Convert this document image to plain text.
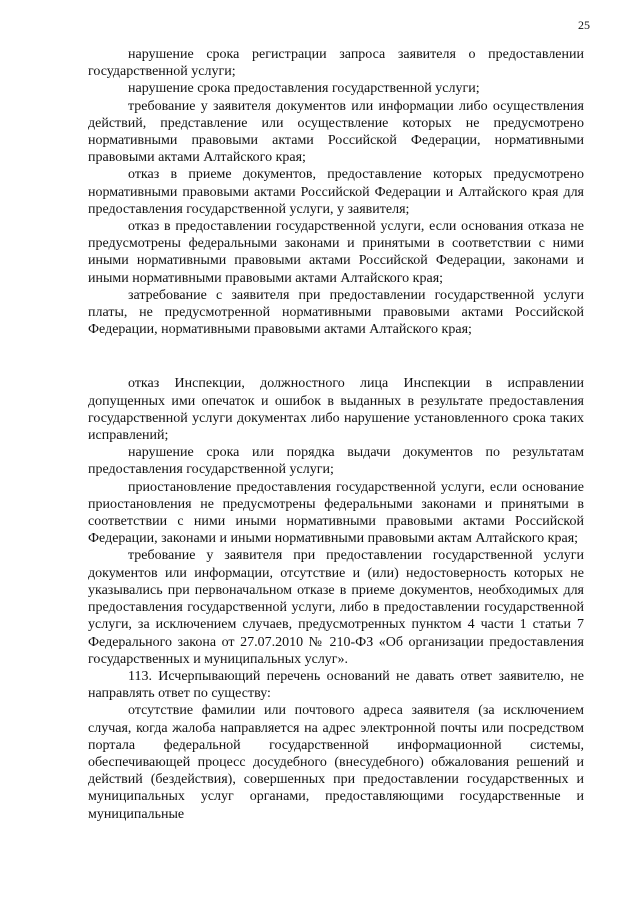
25

нарушение срока регистрации запроса заявителя о предоставлении государственной услуги;

нарушение срока предоставления государственной услуги;

требование у заявителя документов или информации либо осуществления действий, представление или осуществление которых не предусмотрено нормативными правовыми актами Российской Федерации, нормативными правовыми актами Алтайского края;

отказ в приеме документов, предоставление которых предусмотрено нормативными правовыми актами Российской Федерации и Алтайского края для предоставления государственной услуги, у заявителя;

отказ в предоставлении государственной услуги, если основания отказа не предусмотрены федеральными законами и принятыми в соответствии с ними иными нормативными правовыми актами Российской Федерации, законами и иными нормативными правовыми актами Алтайского края;

затребование с заявителя при предоставлении государственной услуги платы, не предусмотренной нормативными правовыми актами Российской Федерации, нормативными правовыми актами Алтайского края;

отказ Инспекции, должностного лица Инспекции в исправлении допущенных ими опечаток и ошибок в выданных в результате предоставления государственной услуги документах либо нарушение установленного срока таких исправлений;

нарушение срока или порядка выдачи документов по результатам предоставления государственной услуги;

приостановление предоставления государственной услуги, если основание приостановления не предусмотрены федеральными законами и принятыми в соответствии с ними иными нормативными правовыми актами Российской Федерации, законами и иными нормативными правовыми актам Алтайского края;

требование у заявителя при предоставлении государственной услуги документов или информации, отсутствие и (или) недостоверность которых не указывались при первоначальном отказе в приеме документов, необходимых для предоставления государственной услуги, либо в предоставлении государственной услуги, за исключением случаев, предусмотренных пунктом 4 части 1 статьи 7 Федерального закона от 27.07.2010 № 210-ФЗ «Об организации предоставления государственных и муниципальных услуг».

113. Исчерпывающий перечень оснований не давать ответ заявителю, не направлять ответ по существу:

отсутствие фамилии или почтового адреса заявителя (за исключением случая, когда жалоба направляется на адрес электронной почты или посредством портала федеральной государственной информационной системы, обеспечивающей процесс досудебного (внесудебного) обжалования решений и действий (бездействия), совершенных при предоставлении государственных и муниципальных услуг органами, предоставляющими государственные и муниципальные
